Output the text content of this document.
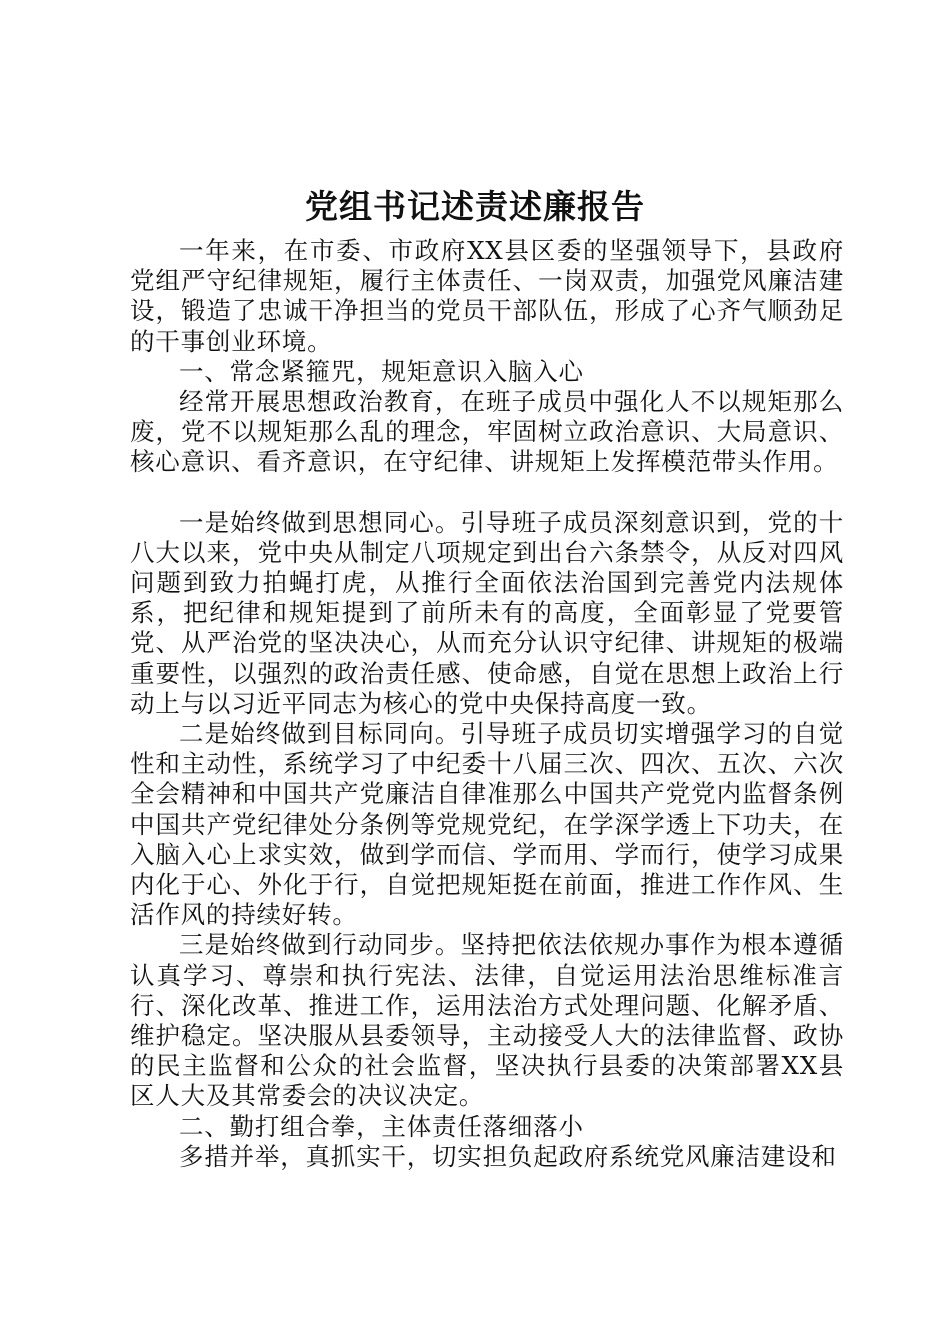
党组书记述责述廉报告

一年来，在市委、市政府XX县区委的坚强领导下，县政府党组严守纪律规矩，履行主体责任、一岗双责，加强党风廉洁建设，锻造了忠诚干净担当的党员干部队伍，形成了心齐气顺劲足的干事创业环境。

一、常念紧箍咒，规矩意识入脑入心

经常开展思想政治教育，在班子成员中强化人不以规矩那么废，党不以规矩那么乱的理念，牢固树立政治意识、大局意识、核心意识、看齐意识，在守纪律、讲规矩上发挥模范带头作用。

一是始终做到思想同心。引导班子成员深刻意识到，党的十八大以来，党中央从制定八项规定到出台六条禁令，从反对四风问题到致力拍蝇打虎，从推行全面依法治国到完善党内法规体系，把纪律和规矩提到了前所未有的高度，全面彰显了党要管党、从严治党的坚决决心，从而充分认识守纪律、讲规矩的极端重要性，以强烈的政治责任感、使命感，自觉在思想上政治上行动上与以习近平同志为核心的党中央保持高度一致。

二是始终做到目标同向。引导班子成员切实增强学习的自觉性和主动性，系统学习了中纪委十八届三次、四次、五次、六次全会精神和中国共产党廉洁自律准那么中国共产党党内监督条例中国共产党纪律处分条例等党规党纪，在学深学透上下功夫，在入脑入心上求实效，做到学而信、学而用、学而行，使学习成果内化于心、外化于行，自觉把规矩挺在前面，推进工作作风、生活作风的持续好转。

三是始终做到行动同步。坚持把依法依规办事作为根本遵循认真学习、尊崇和执行宪法、法律，自觉运用法治思维标准言行、深化改革、推进工作，运用法治方式处理问题、化解矛盾、维护稳定。坚决服从县委领导，主动接受人大的法律监督、政协的民主监督和公众的社会监督，坚决执行县委的决策部署XX县区人大及其常委会的决议决定。

二、勤打组合拳，主体责任落细落小

多措并举，真抓实干，切实担负起政府系统党风廉洁建设和
